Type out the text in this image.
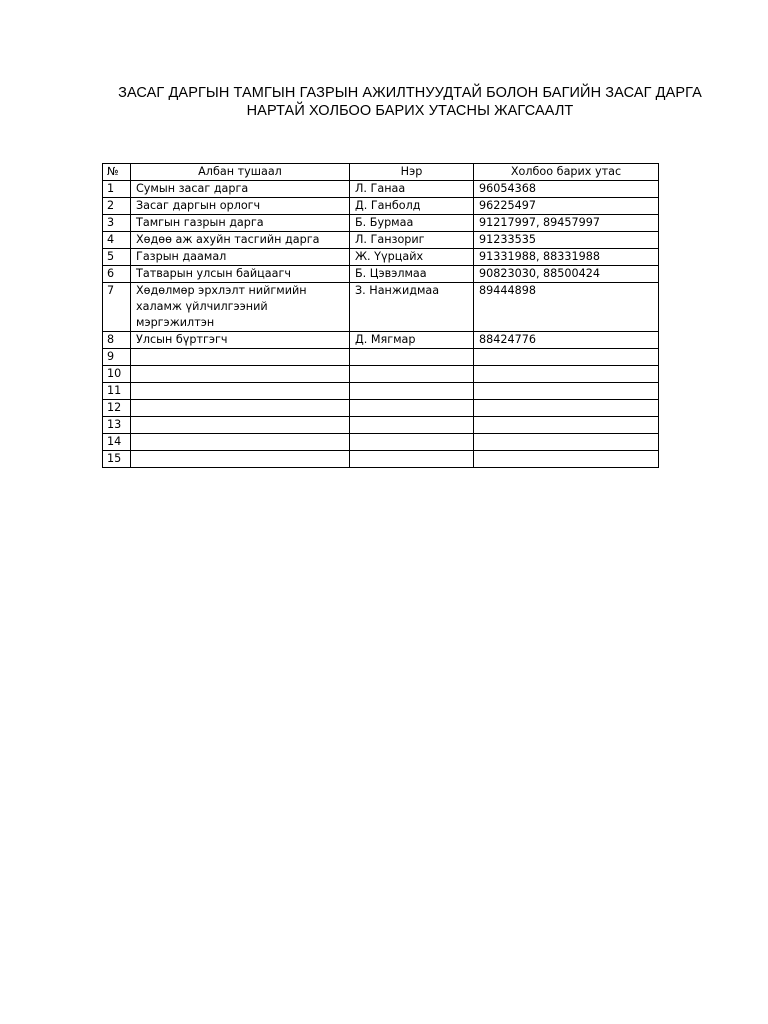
ЗАСАГ ДАРГЫН ТАМГЫН ГАЗРЫН АЖИЛТНУУДТАЙ БОЛОН БАГИЙН ЗАСАГ ДАРГА
НАРТАЙ ХОЛБОО БАРИХ УТАСНЫ ЖАГСААЛТ
№	Албан тушаал	Нэр	Холбоо барих утас
1	Сумын засаг дарга	Л. Ганаа	96054368
2	Засаг даргын орлогч	Д. Ганболд	96225497
3	Тамгын газрын дарга	Б. Бурмаа	91217997, 89457997
4	Хөдөө аж ахуйн тасгийн дарга	Л. Ганзориг	91233535
5	Газрын даамал	Ж. Үүрцайх	91331988, 88331988
6	Татварын улсын байцаагч	Б. Цэвэлмаа	90823030, 88500424
7	Хөдөлмөр эрхлэлт нийгмийн халамж үйлчилгээний мэргэжилтэн	З. Нанжидмаа	89444898
8	Улсын бүртгэгч	Д. Мягмар	88424776
9			
10			
11			
12			
13			
14			
15			
